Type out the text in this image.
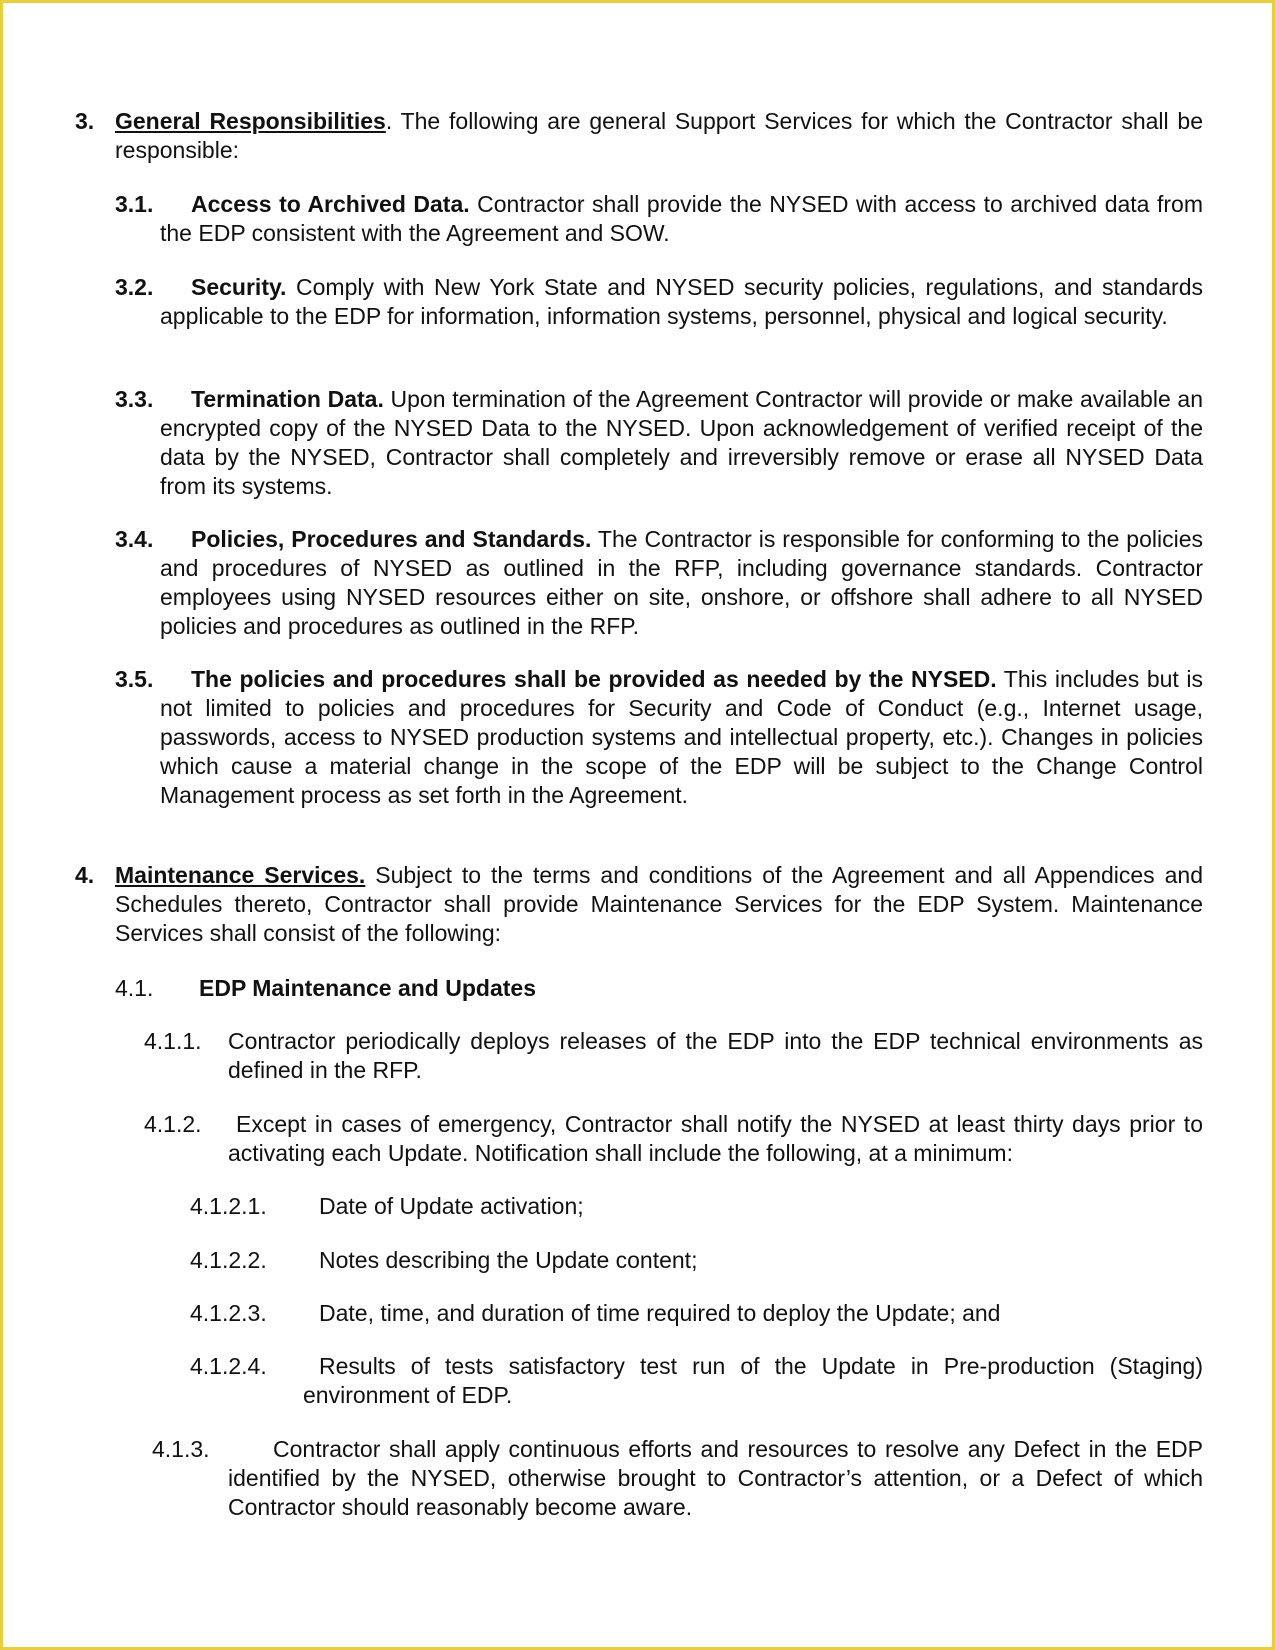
3. General Responsibilities. The following are general Support Services for which the Contractor shall be responsible:
3.1.	Access to Archived Data. Contractor shall provide the NYSED with access to archived data from the EDP consistent with the Agreement and SOW.
3.2.	Security. Comply with New York State and NYSED security policies, regulations, and standards applicable to the EDP for information, information systems, personnel, physical and logical security.
3.3.	Termination Data. Upon termination of the Agreement Contractor will provide or make available an encrypted copy of the NYSED Data to the NYSED. Upon acknowledgement of verified receipt of the data by the NYSED, Contractor shall completely and irreversibly remove or erase all NYSED Data from its systems.
3.4.	Policies, Procedures and Standards. The Contractor is responsible for conforming to the policies and procedures of NYSED as outlined in the RFP, including governance standards. Contractor employees using NYSED resources either on site, onshore, or offshore shall adhere to all NYSED policies and procedures as outlined in the RFP.
3.5.	The policies and procedures shall be provided as needed by the NYSED. This includes but is not limited to policies and procedures for Security and Code of Conduct (e.g., Internet usage, passwords, access to NYSED production systems and intellectual property, etc.). Changes in policies which cause a material change in the scope of the EDP will be subject to the Change Control Management process as set forth in the Agreement.
4. Maintenance Services. Subject to the terms and conditions of the Agreement and all Appendices and Schedules thereto, Contractor shall provide Maintenance Services for the EDP System. Maintenance Services shall consist of the following:
4.1. EDP Maintenance and Updates
4.1.1. Contractor periodically deploys releases of the EDP into the EDP technical environments as defined in the RFP.
4.1.2.	Except in cases of emergency, Contractor shall notify the NYSED at least thirty days prior to activating each Update. Notification shall include the following, at a minimum:
4.1.2.1. Date of Update activation;
4.1.2.2. Notes describing the Update content;
4.1.2.3. Date, time, and duration of time required to deploy the Update; and
4.1.2.4.	Results of tests satisfactory test run of the Update in Pre-production (Staging) environment of EDP.
4.1.3.	Contractor shall apply continuous efforts and resources to resolve any Defect in the EDP identified by the NYSED, otherwise brought to Contractor’s attention, or a Defect of which Contractor should reasonably become aware.
